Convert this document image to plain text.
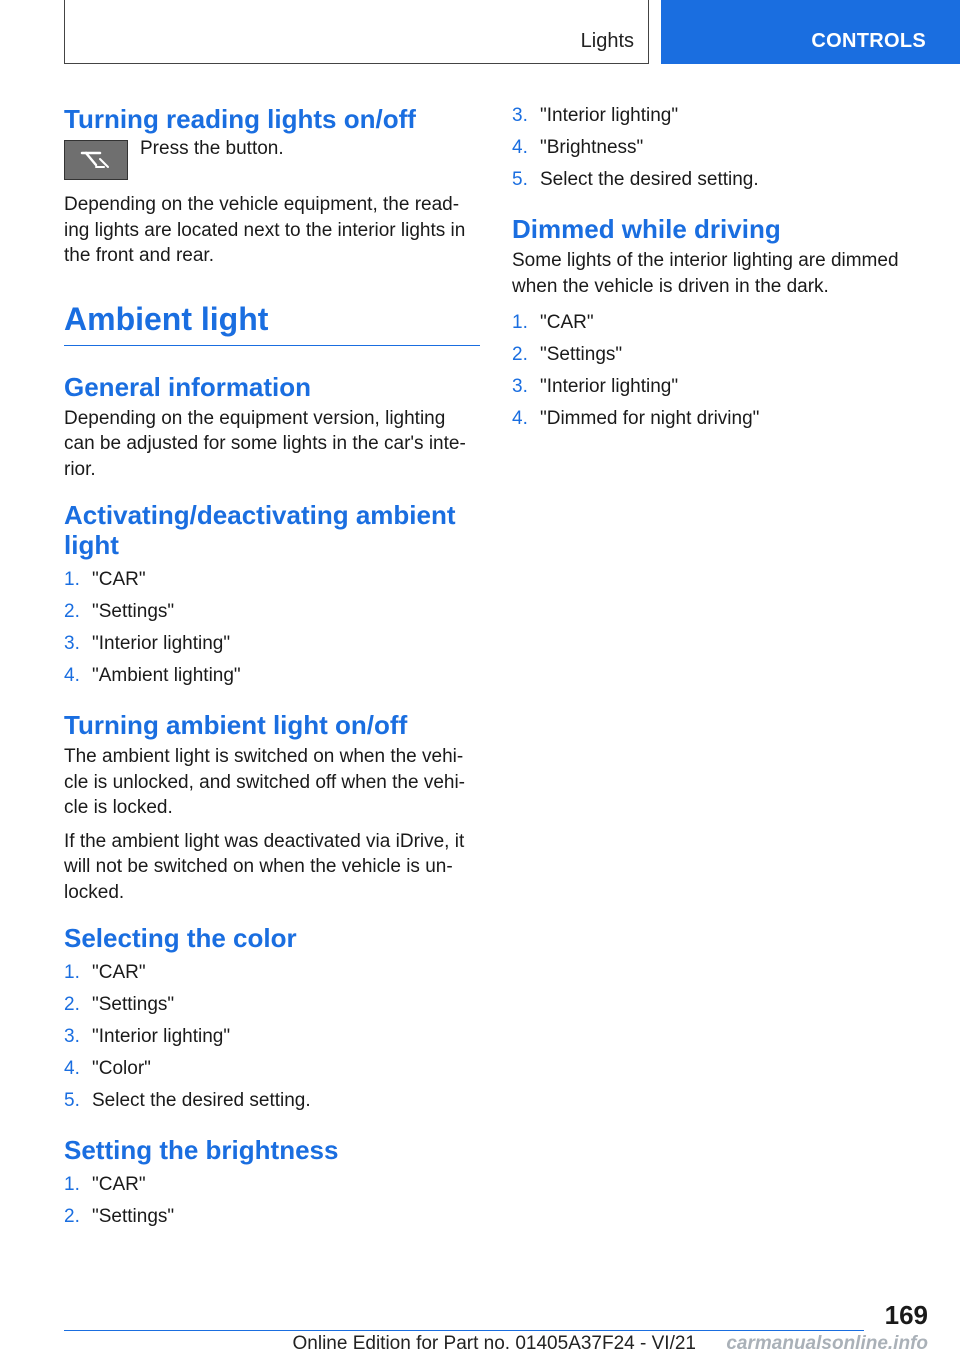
Lights	CONTROLS
Turning reading lights on/off

Press the button.

Depending on the vehicle equipment, the read‐ing lights are located next to the interior lights in the front and rear.

Ambient light
General information

Depending on the equipment version, lighting can be adjusted for some lights in the car's inte‐rior.

Activating/deactivating ambient light
1. "CAR"
2. "Settings"
3. "Interior lighting"
4. "Ambient lighting"
Turning ambient light on/off

The ambient light is switched on when the vehi‐cle is unlocked, and switched off when the vehi‐cle is locked.

If the ambient light was deactivated via iDrive, it will not be switched on when the vehicle is un‐locked.

Selecting the color
1. "CAR"
2. "Settings"
3. "Interior lighting"
4. "Color"
5. Select the desired setting.
Setting the brightness
1. "CAR"
2. "Settings"
3. "Interior lighting"
4. "Brightness"
5. Select the desired setting.
Dimmed while driving

Some lights of the interior lighting are dimmed when the vehicle is driven in the dark.

1. "CAR"
2. "Settings"
3. "Interior lighting"
4. "Dimmed for night driving"
169
Online Edition for Part no. 01405A37F24 - VI/21 carmanualsonline.info
